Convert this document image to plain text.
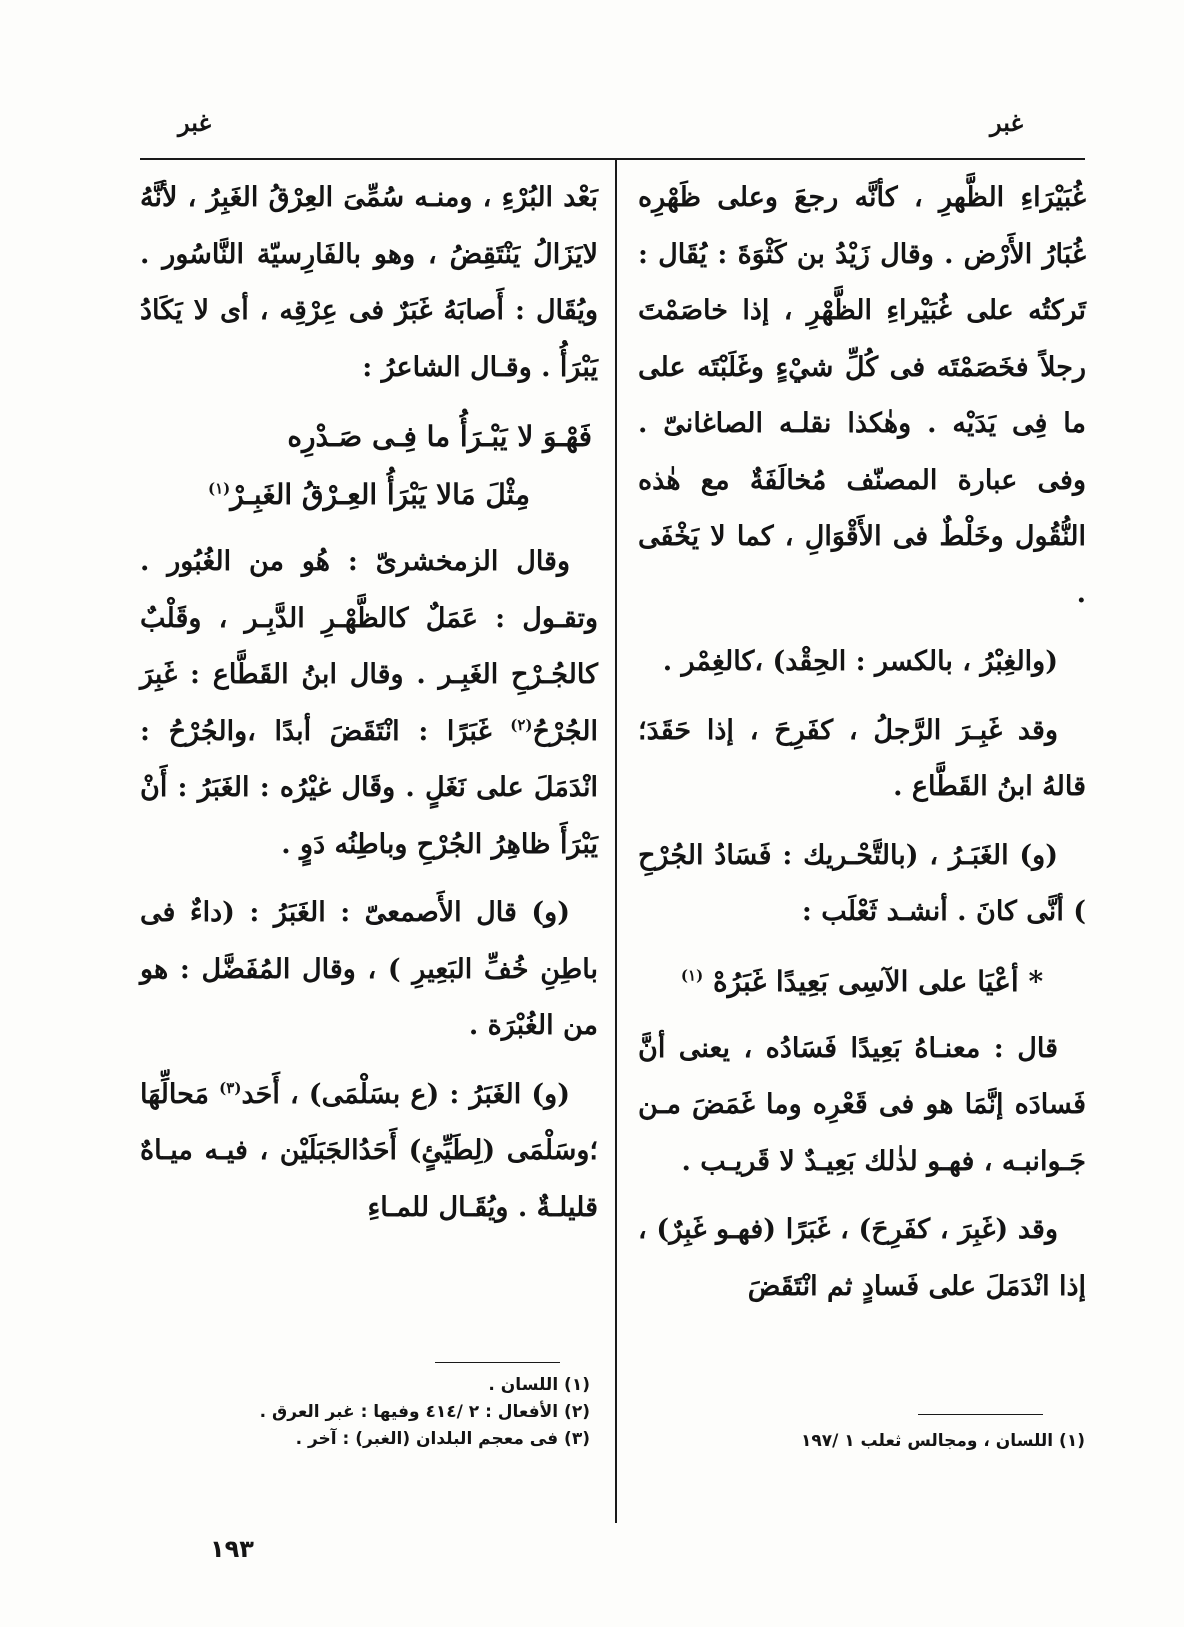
غبر
غبر

غُبَيْرَاءِ الظَّهرِ ، كأنَّه رجعَ وعلى ظَهْرِه غُبَارُ الأَرْض . وقال زَيْدُ بن كَثْوَةَ : يُقَال : تَركتُه على غُبَيْراءِ الظَّهْرِ ، إذا خاصَمْتَ رجلاً فخَصَمْتَه فى كُلِّ شيْءٍ وغَلَبْتَه على ما فِى يَدَيْه . وهٰكذا نقلـه الصاغانىّ . وفى عبارة المصنّف مُخالَفَةٌ مع هٰذه النُّقُول وخَلْطٌ فى الأَقْوَالِ ، كما لا يَخْفَى .

(والغِبْرُ ، بالكسر : الحِقْد) ،كالغِمْر .

وقد غَبِـرَ الرَّجلُ ، كفَرِحَ ، إذا حَقَدَ؛ قالهُ ابنُ القَطَّاع .

(و) الغَبَـرُ ، (بالتَّحْـريك : فَسَادُ الجُرْحِ ) أنَّى كانَ . أنشـد ثَعْلَب :

* أعْيَا على الآسِى بَعِيدًا غَبَرُهْ $^{(١)}$

قال : معنـاهُ بَعِيدًا فَسَادُه ، يعنى أنَّ فَسادَه إنَّمَا هو فى قَعْرِه وما غَمَضَ مـن جَـوانبـه ، فهـو لذٰلك بَعِيـدٌ لا قَريـب .

وقد (غَبِرَ ، كفَرِحَ) ، غَبَرًا (فهـو غَبِرٌ) ، إذا انْدَمَلَ على فَسادٍ ثم انْتَقَضَ

بَعْد البُرْءِ ، ومنـه سُمِّىَ العِرْقُ الغَبِرُ ، لأنَّهُ لايَزَالُ يَنْتَقِضُ ، وهو بالفَارِسيّة النَّاسُور . ويُقَال : أَصابَهُ غَبَرٌ فى عِرْقِه ، أى لا يَكَادُ يَبْرَأُ . وقـال الشاعرُ :

فَهْـوَ لا يَبْـرَأُ ما فِـى صَـدْرِه
مِثْلَ مَالا يَبْرَأُ العِـرْقُ الغَبِـرْ$^{(١)}$

وقال الزمخشرىّ : هُو من الغُبُور . وتقـول : عَمَلٌ كالظَّهْـرِ الدَّبِـر ، وقَلْبٌ كالجُـرْحِ الغَبِـر . وقال ابنُ القَطَّاع : غَبِرَ الجُرْحُ$^{(٢)}$ غَبَرًا : انْتَقَضَ أبدًا ،والجُرْحُ : انْدَمَلَ على نَغَلٍ . وقَال غيْرُه : الغَبَرُ : أَنْ يَبْرَأَ ظاهِرُ الجُرْحِ وباطِنُه دَوٍ .

(و) قال الأَصمعىّ : الغَبَرُ : (داءٌ فى باطِنِ خُفِّ البَعِيرِ ) ، وقال المُفَضَّل : هو من الغُبْرَة .

(و) الغَبَرُ : (ع بسَلْمَى) ، أَحَد$^{(٣)}$ مَحالِّهَا ؛وسَلْمَى (لِطَيِّئٍ) أَحَدُالجَبَلَيْن ، فيـه ميـاهٌ قليلـةٌ . ويُقَـال للمـاءِ

(١) اللسان .
(٢) الأفعال : ٢ /٤١٤ وفيها : غبر العرق .
(٣) فى معجم البلدان (الغبر) : آخر .	(١) اللسان ، ومجالس ثعلب ١ /١٩٧
١٩٣
